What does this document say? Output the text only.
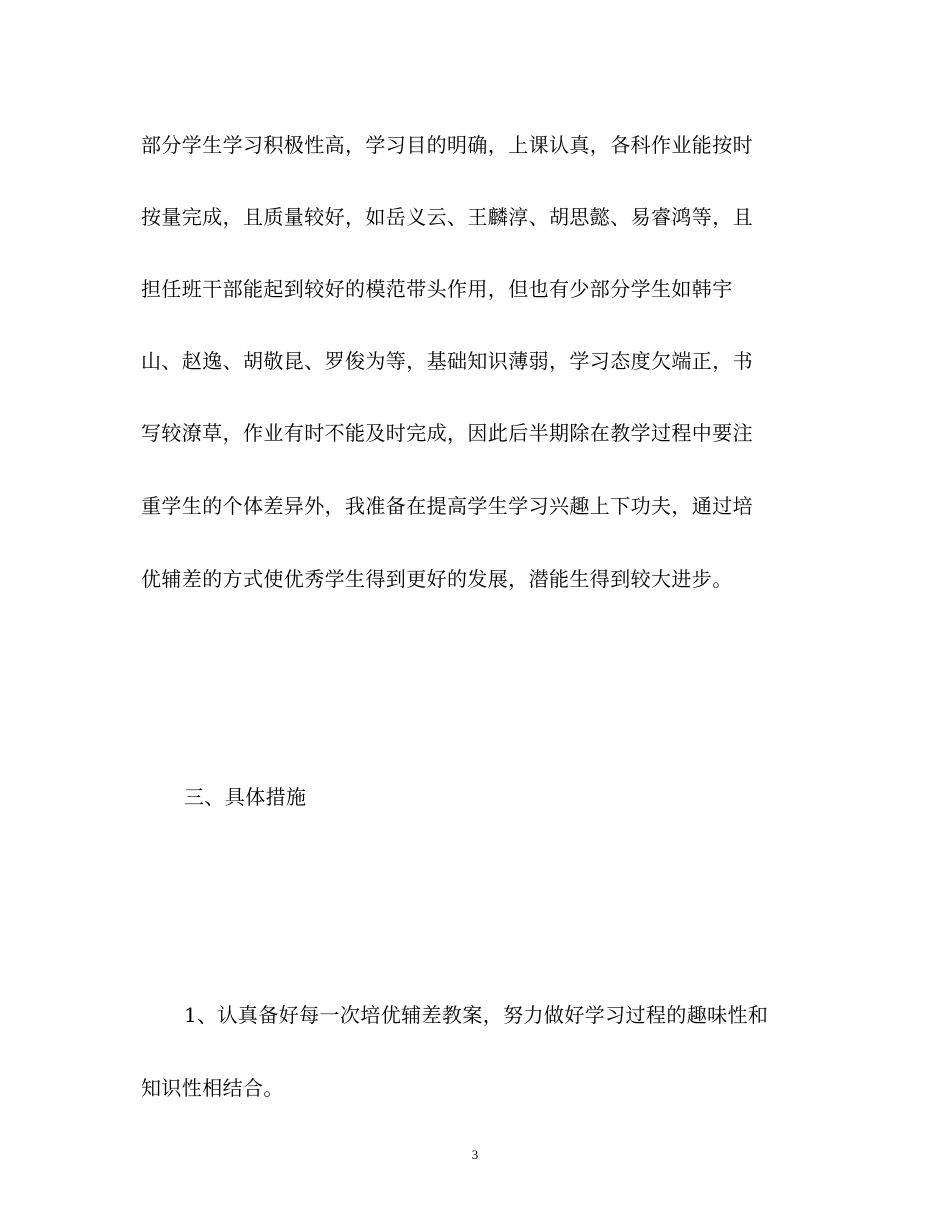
部分学生学习积极性高，学习目的明确，上课认真，各科作业能按时
按量完成，且质量较好，如岳义云、王麟淳、胡思懿、易睿鸿等，且
担任班干部能起到较好的模范带头作用，但也有少部分学生如韩宇
山、赵逸、胡敬昆、罗俊为等，基础知识薄弱，学习态度欠端正，书
写较潦草，作业有时不能及时完成，因此后半期除在教学过程中要注
重学生的个体差异外，我准备在提高学生学习兴趣上下功夫，通过培
优辅差的方式使优秀学生得到更好的发展，潜能生得到较大进步。
三、具体措施
1、认真备好每一次培优辅差教案，努力做好学习过程的趣味性和
知识性相结合。
3
